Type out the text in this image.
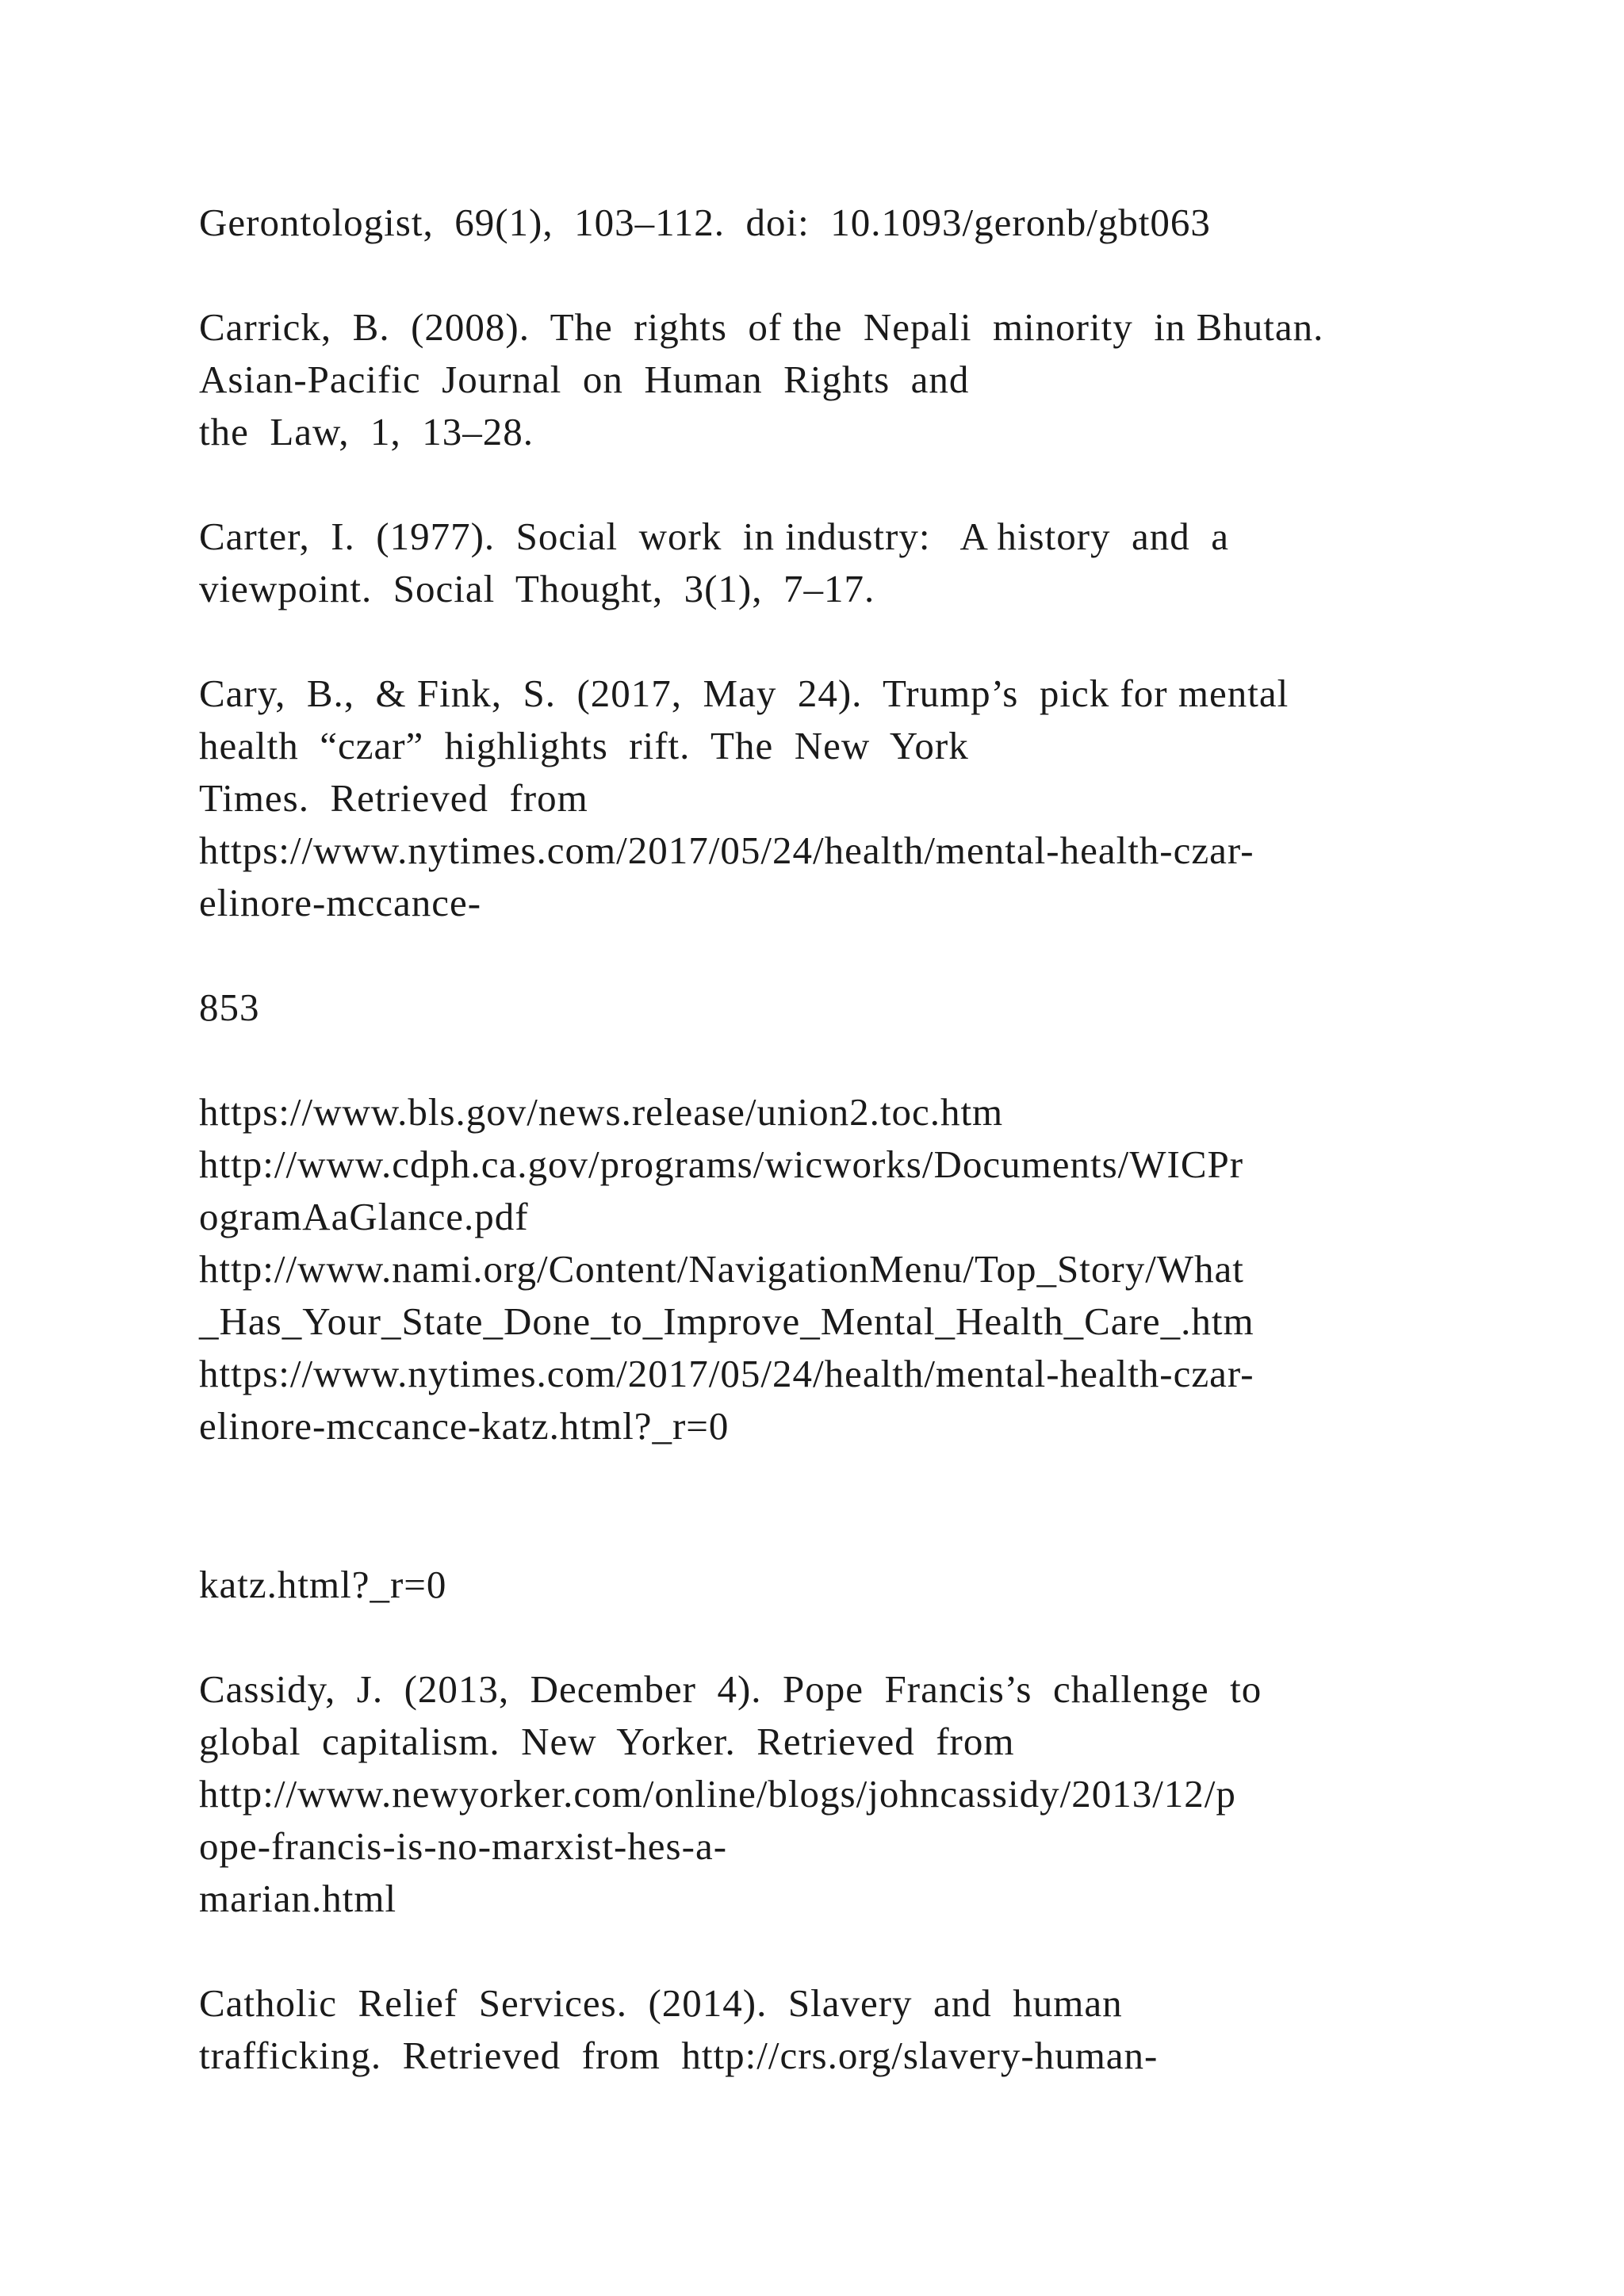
Gerontologist,  69(1),  103–112.  doi:  10.1093/geronb/gbt063
Carrick,  B.  (2008).  The  rights  of the  Nepali  minority  in Bhutan.
Asian-Pacific  Journal  on  Human  Rights  and
the  Law,  1,  13–28.
Carter,  I.  (1977).  Social  work  in industry:   A history  and  a
viewpoint.  Social  Thought,  3(1),  7–17.
Cary,  B.,  & Fink,  S.  (2017,  May  24).  Trump’s  pick for mental
health  “czar”  highlights  rift.  The  New  York
Times.  Retrieved  from
https://www.nytimes.com/2017/05/24/health/mental-health-czar-
elinore-mccance-
853
https://www.bls.gov/news.release/union2.toc.htm
http://www.cdph.ca.gov/programs/wicworks/Documents/WICPr
ogramAaGlance.pdf
http://www.nami.org/Content/NavigationMenu/Top_Story/What
_Has_Your_State_Done_to_Improve_Mental_Health_Care_.htm
https://www.nytimes.com/2017/05/24/health/mental-health-czar-
elinore-mccance-katz.html?_r=0
katz.html?_r=0
Cassidy,  J.  (2013,  December  4).  Pope  Francis’s  challenge  to
global  capitalism.  New  Yorker.  Retrieved  from
http://www.newyorker.com/online/blogs/johncassidy/2013/12/p
ope-francis-is-no-marxist-hes-a-
marian.html
Catholic  Relief  Services.  (2014).  Slavery  and  human
trafficking.  Retrieved  from  http://crs.org/slavery-human-
